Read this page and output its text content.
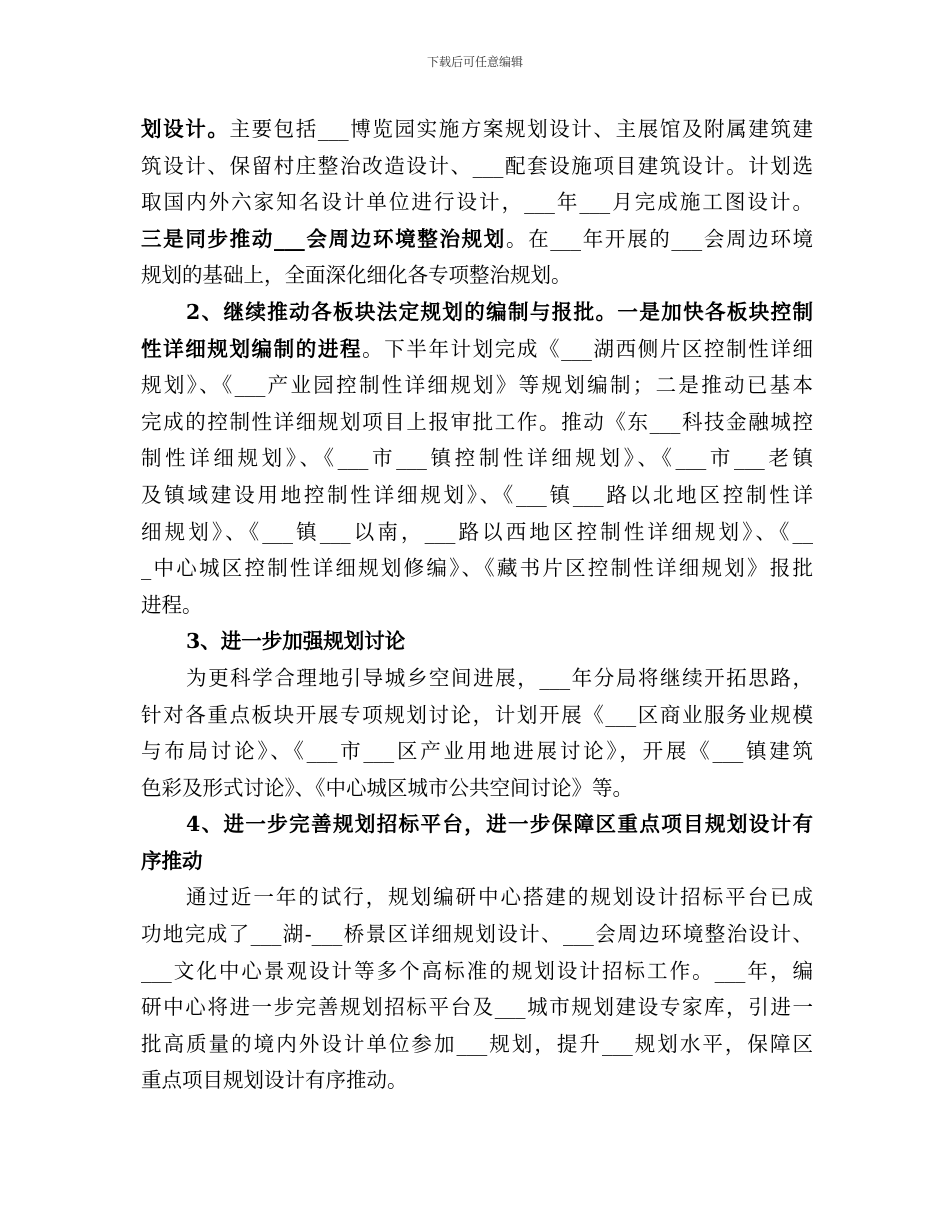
下载后可任意编辑
划设计。主要包括___博览园实施方案规划设计、主展馆及附属建筑建
筑设计、保留村庄整治改造设计、___配套设施项目建筑设计。计划选
取国内外六家知名设计单位进行设计，___年___月完成施工图设计。
三是同步推动___会周边环境整治规划。在___年开展的___会周边环境
规划的基础上，全面深化细化各专项整治规划。
2、继续推动各板块法定规划的编制与报批。一是加快各板块控制
性详细规划编制的进程。下半年计划完成《___湖西侧片区控制性详细
规划》、《___产业园控制性详细规划》等规划编制；二是推动已基本
完成的控制性详细规划项目上报审批工作。推动《东___科技金融城控
制性详细规划》、《___市___镇控制性详细规划》、《___市___老镇
及镇域建设用地控制性详细规划》、《___镇___路以北地区控制性详
细规划》、《___镇___以南，___路以西地区控制性详细规划》、《__
_中心城区控制性详细规划修编》、《藏书片区控制性详细规划》报批
进程。
3、进一步加强规划讨论
为更科学合理地引导城乡空间进展，___年分局将继续开拓思路，
针对各重点板块开展专项规划讨论，计划开展《___区商业服务业规模
与布局讨论》、《___市___区产业用地进展讨论》，开展《___镇建筑
色彩及形式讨论》、《中心城区城市公共空间讨论》等。
4、进一步完善规划招标平台，进一步保障区重点项目规划设计有
序推动
通过近一年的试行，规划编研中心搭建的规划设计招标平台已成
功地完成了___湖-___桥景区详细规划设计、___会周边环境整治设计、
___文化中心景观设计等多个高标准的规划设计招标工作。___年，编
研中心将进一步完善规划招标平台及___城市规划建设专家库，引进一
批高质量的境内外设计单位参加___规划，提升___规划水平，保障区
重点项目规划设计有序推动。
